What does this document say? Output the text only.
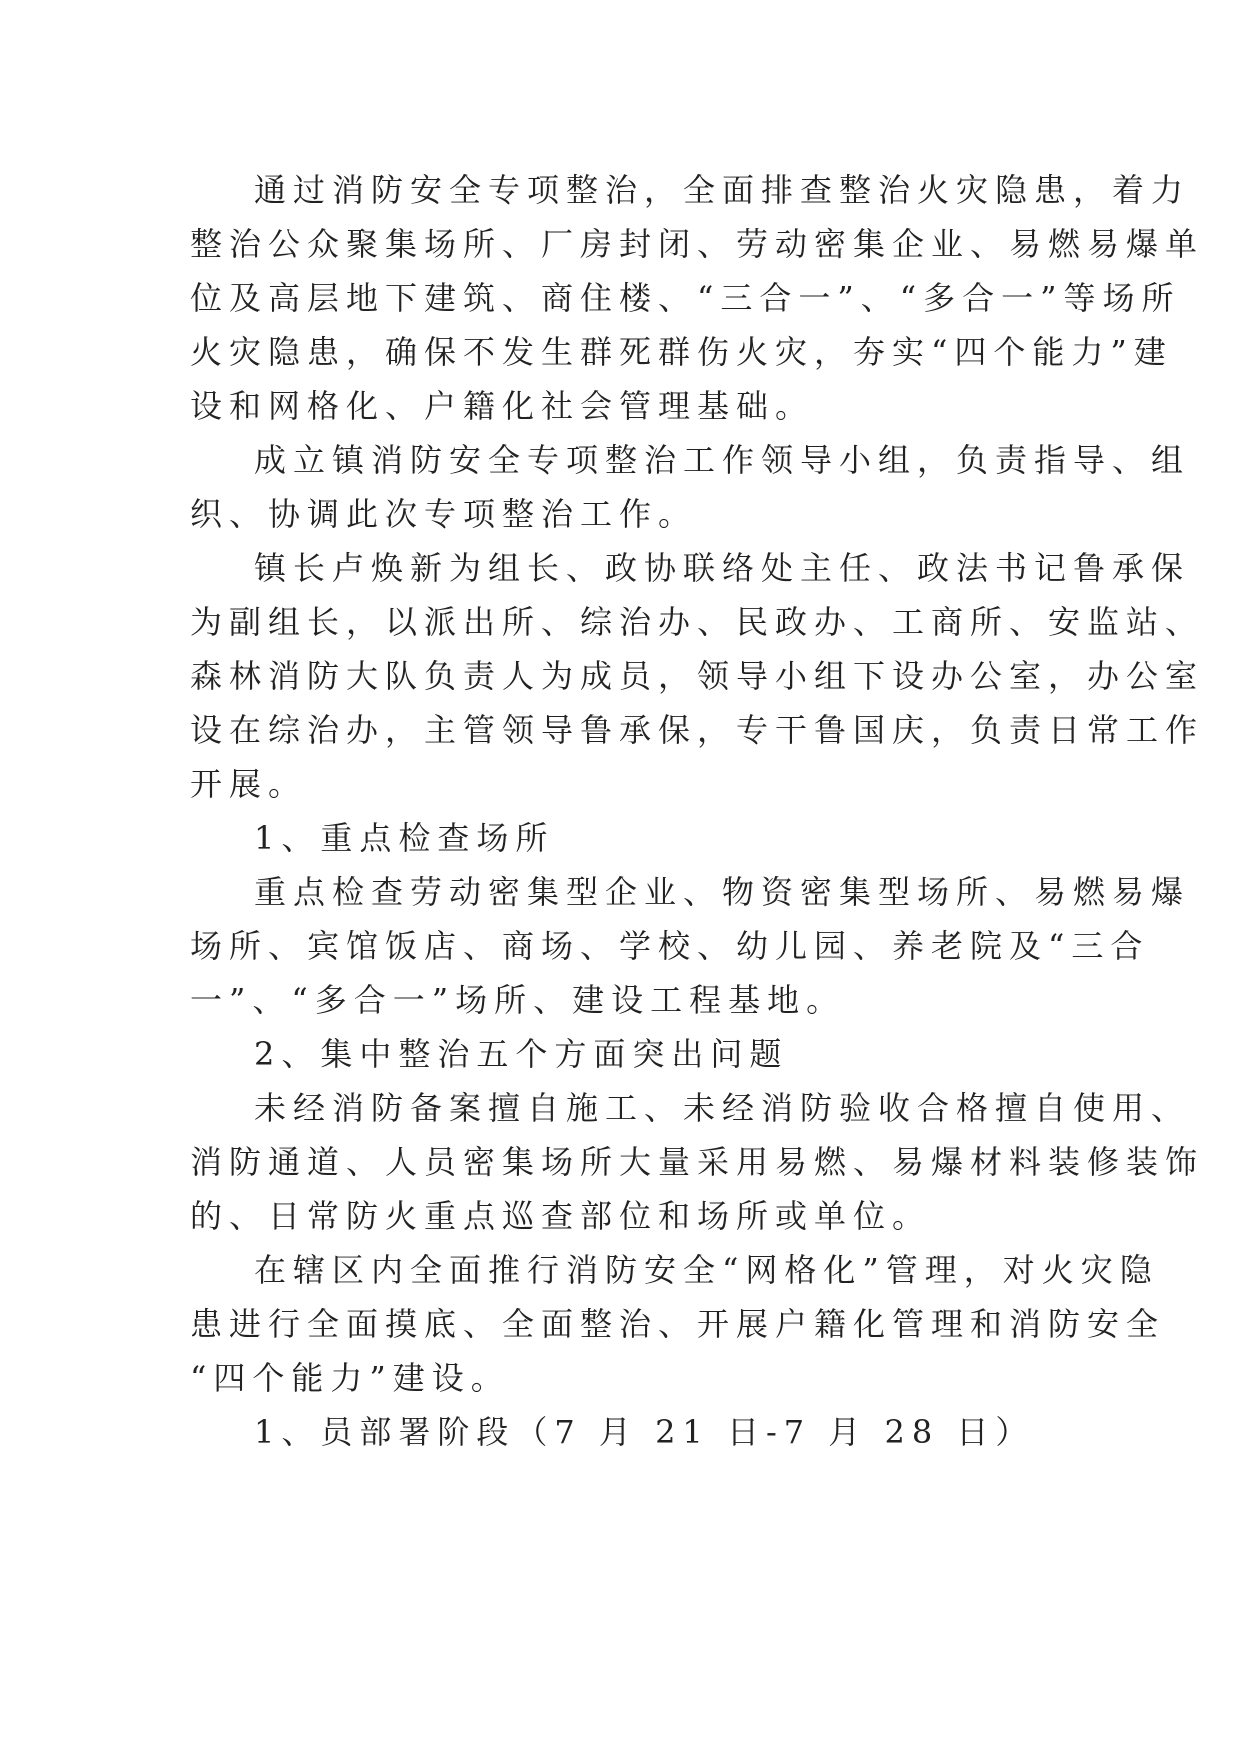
通过消防安全专项整治，全面排查整治火灾隐患，着力
整治公众聚集场所、厂房封闭、劳动密集企业、易燃易爆单
位及高层地下建筑、商住楼、“三合一”、“多合一”等场所
火灾隐患，确保不发生群死群伤火灾，夯实“四个能力”建
设和网格化、户籍化社会管理基础。
成立镇消防安全专项整治工作领导小组，负责指导、组
织、协调此次专项整治工作。
镇长卢焕新为组长、政协联络处主任、政法书记鲁承保
为副组长，以派出所、综治办、民政办、工商所、安监站、
森林消防大队负责人为成员，领导小组下设办公室，办公室
设在综治办，主管领导鲁承保，专干鲁国庆，负责日常工作
开展。
1、重点检查场所
重点检查劳动密集型企业、物资密集型场所、易燃易爆
场所、宾馆饭店、商场、学校、幼儿园、养老院及“三合
一”、“多合一”场所、建设工程基地。
2、集中整治五个方面突出问题
未经消防备案擅自施工、未经消防验收合格擅自使用、
消防通道、人员密集场所大量采用易燃、易爆材料装修装饰
的、日常防火重点巡查部位和场所或单位。
在辖区内全面推行消防安全“网格化”管理，对火灾隐
患进行全面摸底、全面整治、开展户籍化管理和消防安全
“四个能力”建设。
1、员部署阶段（7 月 21 日-7 月 28 日）
